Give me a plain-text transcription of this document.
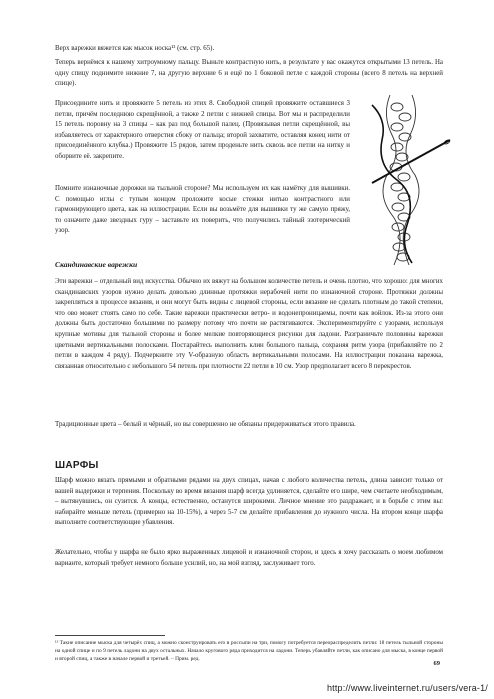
Верх варежки вяжется как мысок носка¹³ (см. стр. 65).

Теперь вернёмся к нашему хитроумному пальцу. Выньте контрастную нить, в результате у вас окажутся открытыми 13 петель. На одну спицу поднимите нижние 7, на другую верхние 6 и ещё по 1 боковой петле с каждой стороны (всего 8 петель на верхней спице).

Присоедините нить и провяжите 5 петель из этих 8. Свободной спицей провяжите оставшиеся 3 петли, причём последнюю скрещённой, а также 2 петли с нижней спицы. Вот мы и распределили 15 петель поровну на 3 спицы – как раз под большой палец. (Провязывая петли скрещённой, вы избавляетесь от характерного отверстия сбоку от пальца; второй захватите, оставляя конец нити от присоединённого клубка.) Провяжите 15 рядов, затем проденьте нить сквозь все петли на нитку и оборвите её. закрепите.

Помните изнаночные дорожки на тыльной стороне? Мы используем их как намётку для вышивки. С помощью иглы с тупым концом проложите косые стежки нитью контрастного или гармонирующего цвета, как на иллюстрации. Если вы возьмёте для вышивки ту же самую пряжу, то означите даже звездных гуру – заставьте их поверить, что получились тайный эзотерический узор.

Скандинавские варежки

Эти варежки – отдельный вид искусства. Обычно их вяжут на большом количестве петель и очень плотно, что хорошо: для многих скандинавских узоров нужно делать довольно длинные протяжки нерабочей нити по изнаночной стороне. Протяжки должны закрепляться в процессе вязания, и они могут быть видны с лицевой стороны, если вязание не сделать плотным до такой степени, что ово может стоять само по себе. Такие варежки практически ветро- и водонепроницаемы, почти как войлок. Из-за этого они должны быть достаточно большими по размеру потому что почти не растягиваются. Экспериментируйте с узорами, используя крупные мотивы для тыльной стороны и более мелкие повторяющиеся рисунки для ладони. Разграничьте половины варежки цветными вертикальными полосками. Постарайтесь выполнить клин большого пальца, сохраняя ритм узора (прибавляйте по 2 петли в каждом 4 ряду). Подчеркните эту V-образную область вертикальными полосами. На иллюстрации показана варежка, связанная относительно с небольшого 54 петель при плотности 22 петли в 10 см. Узор предполагает всего 8 перекрестов.

Традиционные цвета – белый и чёрный, но вы совершенно не обязаны придерживаться этого правила.

ШАРФЫ

Шарф можно вязать прямыми и обратными рядами на двух спицах, начав с любого количества петель, длина зависит только от вашей выдержки и терпения. Поскольку во время вязания шарф всегда удлиняется, сделайте его шире, чем считаете необходимым, – вытянувшись, он сузится. А концы, естественно, останутся широкими. Личное мнение это раздражает, и в борьбе с этим вы: набирайте меньше петель (примерно на 10-15%), а через 5-7 см делайте прибавления до нужного числа. На втором конце шарфа выполните соответствующие убавления.

Желательно, чтобы у шарфа не было ярко выраженных лицевой и изнаночной сторон, и здесь я хочу рассказать о моем любимом варианте, который требует немного больше усилий, но, на мой взгляд, заслуживает того.

¹³ Такие описание мыска для четырёх спиц, а можно сконструировать его в россыпи на три, помогу потребуется переораспределить петли: 18 петель тыльной стороны на одной спице и по 9 петель ладони на двух остальных. Начало кругового ряда приходится на ладони. Теперь убавляйте петли, как описано для мыска, в конце первой и второй спиц, а также в начале первой и третьей. – Прим. ред.

69
http://www.liveinternet.ru/users/vera-1/
